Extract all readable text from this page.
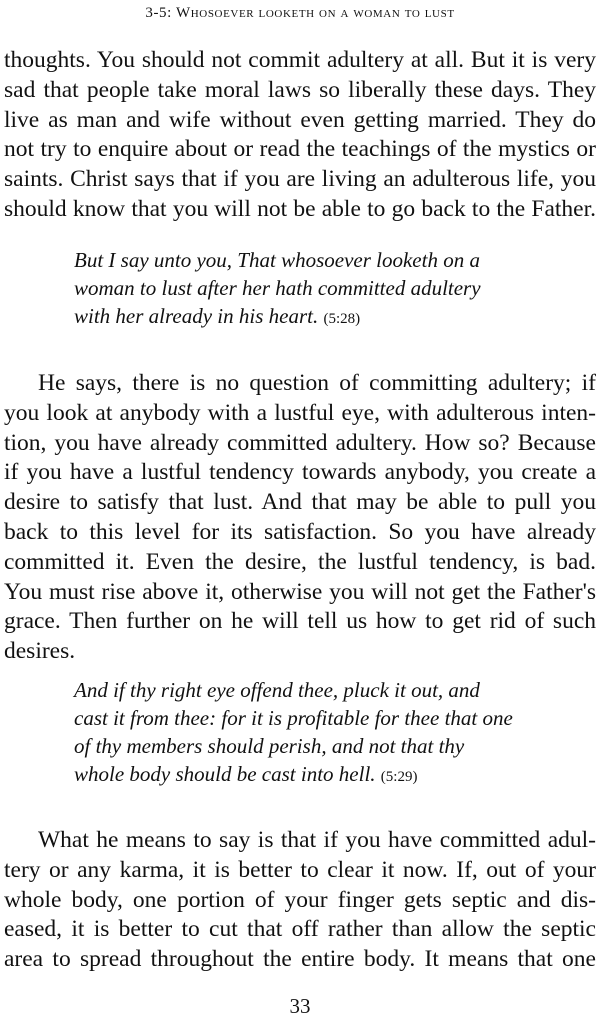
3-5: Whosoever looketh on a woman to lust
thoughts. You should not commit adultery at all. But it is very
sad that people take moral laws so liberally these days. They
live as man and wife without even getting married. They do
not try to enquire about or read the teachings of the mystics or
saints. Christ says that if you are living an adulterous life, you
should know that you will not be able to go back to the Father.
But I say unto you, That whosoever looketh on a
woman to lust after her hath committed adultery
with her already in his heart. (5:28)
He says, there is no question of committing adultery; if
you look at anybody with a lustful eye, with adulterous inten-
tion, you have already committed adultery. How so? Because
if you have a lustful tendency towards anybody, you create a
desire to satisfy that lust. And that may be able to pull you
back to this level for its satisfaction. So you have already
committed it. Even the desire, the lustful tendency, is bad.
You must rise above it, otherwise you will not get the Father's
grace. Then further on he will tell us how to get rid of such
desires.
And if thy right eye offend thee, pluck it out, and
cast it from thee: for it is profitable for thee that one
of thy members should perish, and not that thy
whole body should be cast into hell. (5:29)
What he means to say is that if you have committed adul-
tery or any karma, it is better to clear it now. If, out of your
whole body, one portion of your finger gets septic and dis-
eased, it is better to cut that off rather than allow the septic
area to spread throughout the entire body. It means that one
33
